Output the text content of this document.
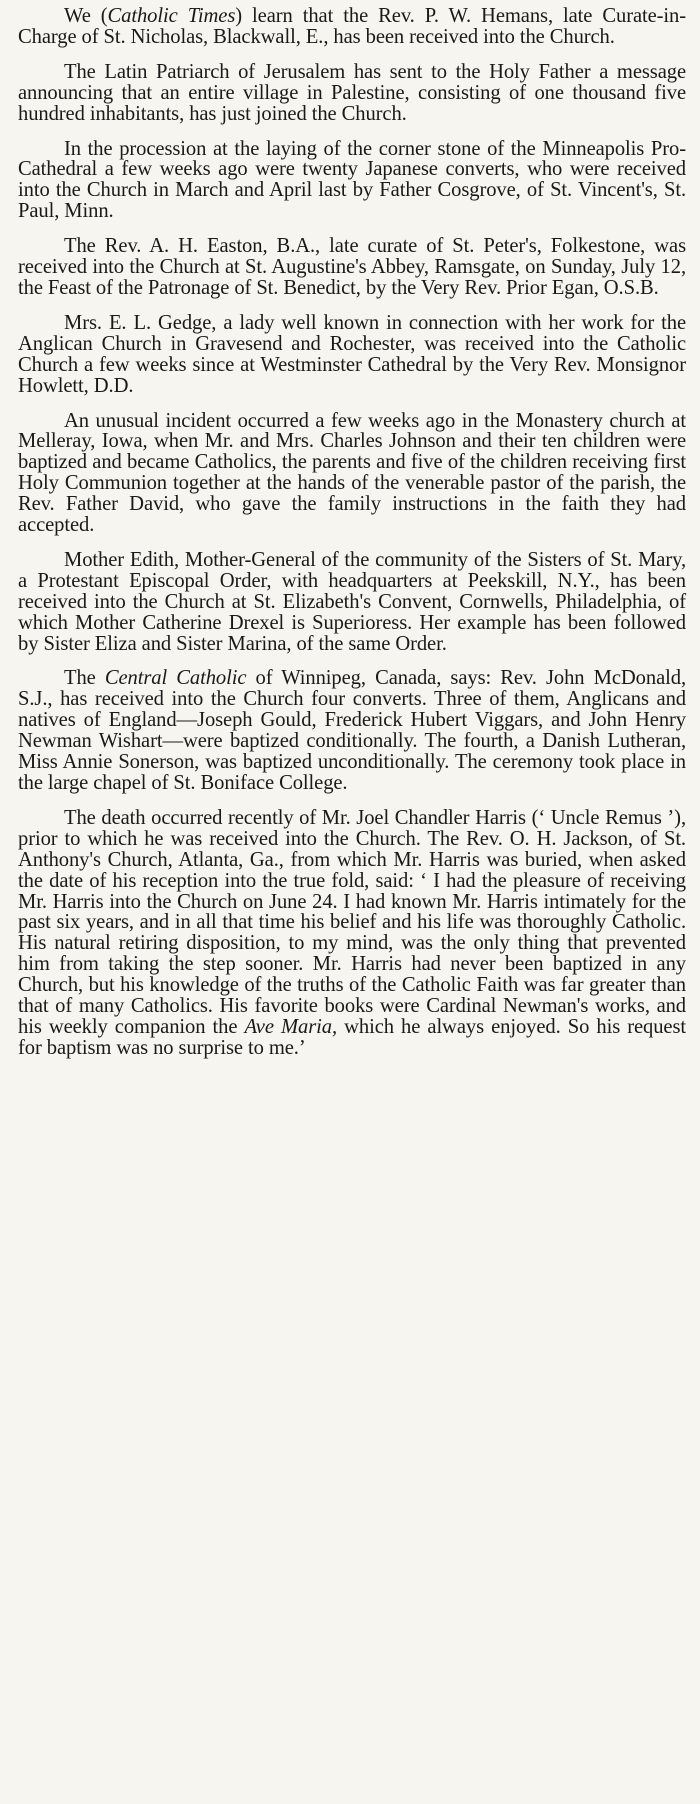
We (Catholic Times) learn that the Rev. P. W. Hemans, late Curate-in-Charge of St. Nicholas, Blackwall, E., has been received into the Church.

The Latin Patriarch of Jerusalem has sent to the Holy Father a message announcing that an entire village in Palestine, consisting of one thousand five hundred inhabitants, has just joined the Church.

In the procession at the laying of the corner stone of the Minneapolis Pro-Cathedral a few weeks ago were twenty Japanese converts, who were received into the Church in March and April last by Father Cosgrove, of St. Vincent's, St. Paul, Minn.

The Rev. A. H. Easton, B.A., late curate of St. Peter's, Folkestone, was received into the Church at St. Augustine's Abbey, Ramsgate, on Sunday, July 12, the Feast of the Patronage of St. Benedict, by the Very Rev. Prior Egan, O.S.B.

Mrs. E. L. Gedge, a lady well known in connection with her work for the Anglican Church in Gravesend and Rochester, was received into the Catholic Church a few weeks since at Westminster Cathedral by the Very Rev. Monsignor Howlett, D.D.

An unusual incident occurred a few weeks ago in the Monastery church at Melleray, Iowa, when Mr. and Mrs. Charles Johnson and their ten children were baptized and became Catholics, the parents and five of the children receiving first Holy Communion together at the hands of the venerable pastor of the parish, the Rev. Father David, who gave the family instructions in the faith they had accepted.

Mother Edith, Mother-General of the community of the Sisters of St. Mary, a Protestant Episcopal Order, with headquarters at Peekskill, N.Y., has been received into the Church at St. Elizabeth's Convent, Cornwells, Philadelphia, of which Mother Catherine Drexel is Superioress. Her example has been followed by Sister Eliza and Sister Marina, of the same Order.

The Central Catholic of Winnipeg, Canada, says: Rev. John McDonald, S.J., has received into the Church four converts. Three of them, Anglicans and natives of England—Joseph Gould, Frederick Hubert Viggars, and John Henry Newman Wishart—were baptized conditionally. The fourth, a Danish Lutheran, Miss Annie Sonerson, was baptized unconditionally. The ceremony took place in the large chapel of St. Boniface College.

The death occurred recently of Mr. Joel Chandler Harris (‘ Uncle Remus ’), prior to which he was received into the Church. The Rev. O. H. Jackson, of St. Anthony's Church, Atlanta, Ga., from which Mr. Harris was buried, when asked the date of his reception into the true fold, said: ‘ I had the pleasure of receiving Mr. Harris into the Church on June 24. I had known Mr. Harris intimately for the past six years, and in all that time his belief and his life was thoroughly Catholic. His natural retiring disposition, to my mind, was the only thing that prevented him from taking the step sooner. Mr. Harris had never been baptized in any Church, but his knowledge of the truths of the Catholic Faith was far greater than that of many Catholics. His favorite books were Cardinal Newman's works, and his weekly companion the Ave Maria, which he always enjoyed. So his request for baptism was no surprise to me.’
